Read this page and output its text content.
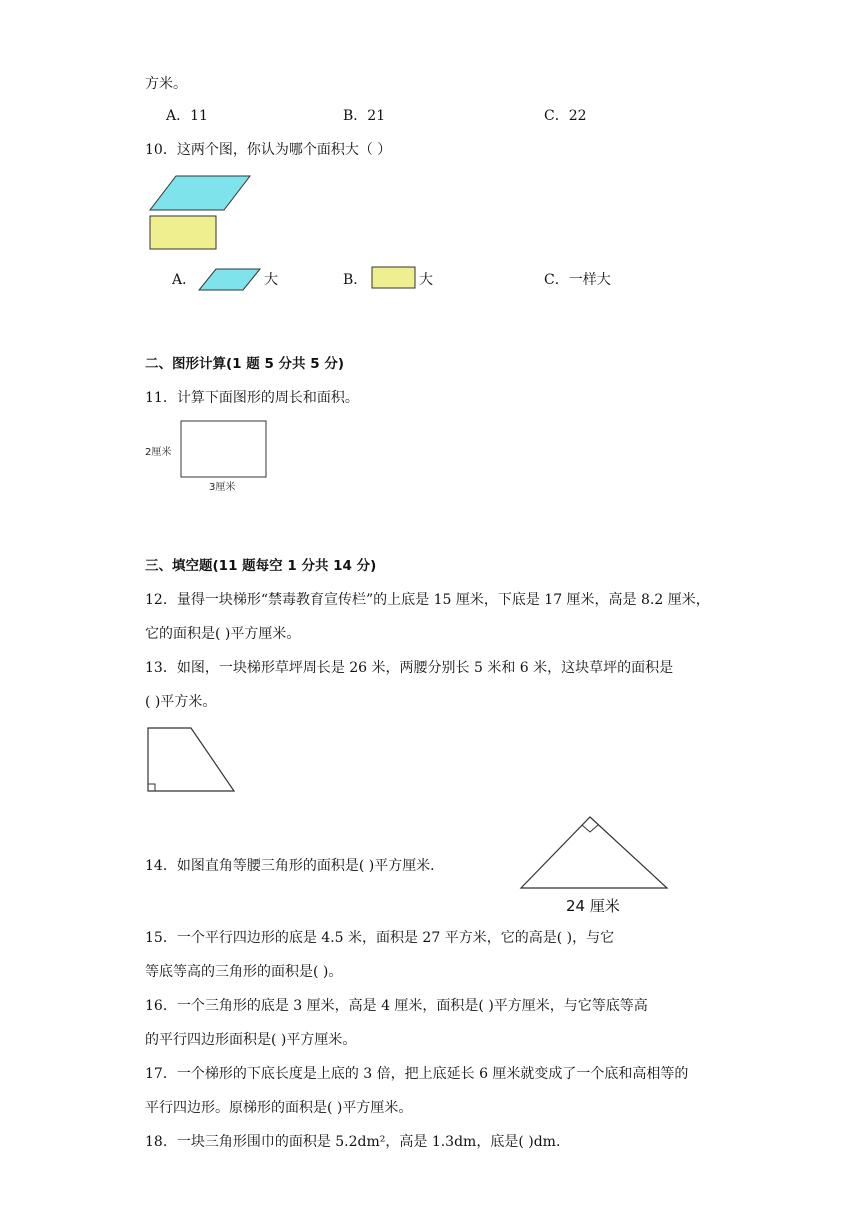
方米。
A．11	B．21	C．22
10．这两个图，你认为哪个面积大（ ）
A．	大	B．	大	C．一样大
二、图形计算(1 题 5 分共 5 分)
11．计算下面图形的周长和面积。
2厘米
3厘米
三、填空题(11 题每空 1 分共 14 分)
12．量得一块梯形“禁毒教育宣传栏”的上底是 15 厘米，下底是 17 厘米，高是 8.2 厘米，
它的面积是( )平方厘米。
13．如图，一块梯形草坪周长是 26 米，两腰分别长 5 米和 6 米，这块草坪的面积是
( )平方米。
14．如图直角等腰三角形的面积是( )平方厘米．
24 厘米
15．一个平行四边形的底是 4.5 米，面积是 27 平方米，它的高是( )，与它
等底等高的三角形的面积是( )。
16．一个三角形的底是 3 厘米，高是 4 厘米，面积是( )平方厘米，与它等底等高
的平行四边形面积是( )平方厘米。
17．一个梯形的下底长度是上底的 3 倍，把上底延长 6 厘米就变成了一个底和高相等的
平行四边形。原梯形的面积是( )平方厘米。
18．一块三角形围巾的面积是 5.2dm²，高是 1.3dm，底是( )dm.
